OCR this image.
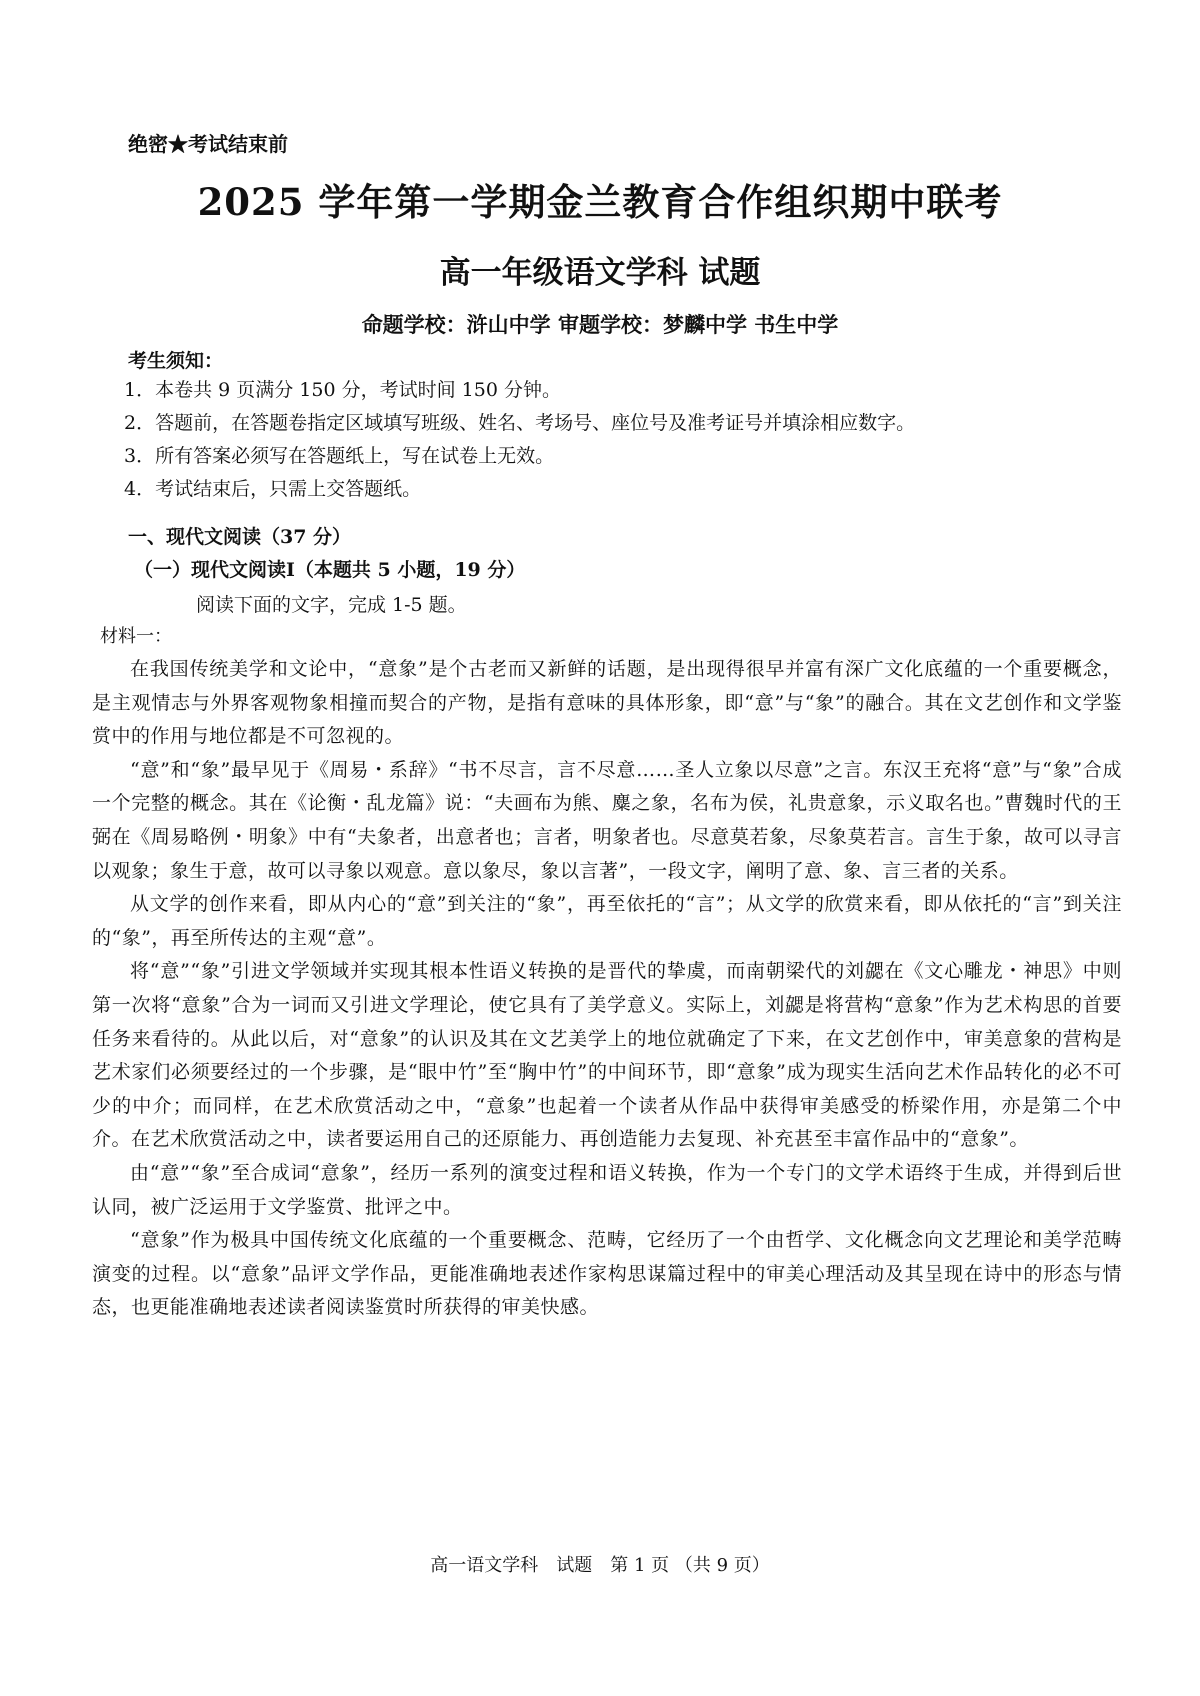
绝密★考试结束前
2025 学年第一学期金兰教育合作组织期中联考
高一年级语文学科 试题
命题学校：浒山中学 审题学校：梦麟中学 书生中学
考生须知：
1．本卷共 9 页满分 150 分，考试时间 150 分钟。
2．答题前，在答题卷指定区域填写班级、姓名、考场号、座位号及准考证号并填涂相应数字。
3．所有答案必须写在答题纸上，写在试卷上无效。
4．考试结束后，只需上交答题纸。
一、现代文阅读（37 分）
（一）现代文阅读Ⅰ（本题共 5 小题，19 分）
阅读下面的文字，完成 1-5 题。
材料一：

在我国传统美学和文论中，“意象”是个古老而又新鲜的话题，是出现得很早并富有深广文化底蕴的一个重要概念，是主观情志与外界客观物象相撞而契合的产物，是指有意味的具体形象，即“意”与“象”的融合。其在文艺创作和文学鉴赏中的作用与地位都是不可忽视的。

“意”和“象”最早见于《周易・系辞》“书不尽言，言不尽意……圣人立象以尽意”之言。东汉王充将“意”与“象”合成一个完整的概念。其在《论衡・乱龙篇》说：“夫画布为熊、麋之象，名布为侯，礼贵意象，示义取名也。”曹魏时代的王弼在《周易略例・明象》中有“夫象者，出意者也；言者，明象者也。尽意莫若象，尽象莫若言。言生于象，故可以寻言以观象；象生于意，故可以寻象以观意。意以象尽，象以言著”，一段文字，阐明了意、象、言三者的关系。

从文学的创作来看，即从内心的“意”到关注的“象”，再至依托的“言”；从文学的欣赏来看，即从依托的“言”到关注的“象”，再至所传达的主观“意”。

将“意”“象”引进文学领域并实现其根本性语义转换的是晋代的挚虞，而南朝梁代的刘勰在《文心雕龙・神思》中则第一次将“意象”合为一词而又引进文学理论，使它具有了美学意义。实际上，刘勰是将营构“意象”作为艺术构思的首要任务来看待的。从此以后，对“意象”的认识及其在文艺美学上的地位就确定了下来，在文艺创作中，审美意象的营构是艺术家们必须要经过的一个步骤，是“眼中竹”至“胸中竹”的中间环节，即“意象”成为现实生活向艺术作品转化的必不可少的中介；而同样，在艺术欣赏活动之中，“意象”也起着一个读者从作品中获得审美感受的桥梁作用，亦是第二个中介。在艺术欣赏活动之中，读者要运用自己的还原能力、再创造能力去复现、补充甚至丰富作品中的“意象”。

由“意”“象”至合成词“意象”，经历一系列的演变过程和语义转换，作为一个专门的文学术语终于生成，并得到后世认同，被广泛运用于文学鉴赏、批评之中。

“意象”作为极具中国传统文化底蕴的一个重要概念、范畴，它经历了一个由哲学、文化概念向文艺理论和美学范畴演变的过程。以“意象”品评文学作品，更能准确地表述作家构思谋篇过程中的审美心理活动及其呈现在诗中的形态与情态，也更能准确地表述读者阅读鉴赏时所获得的审美快感。

高一语文学科　试题　第 1 页 （共 9 页）
